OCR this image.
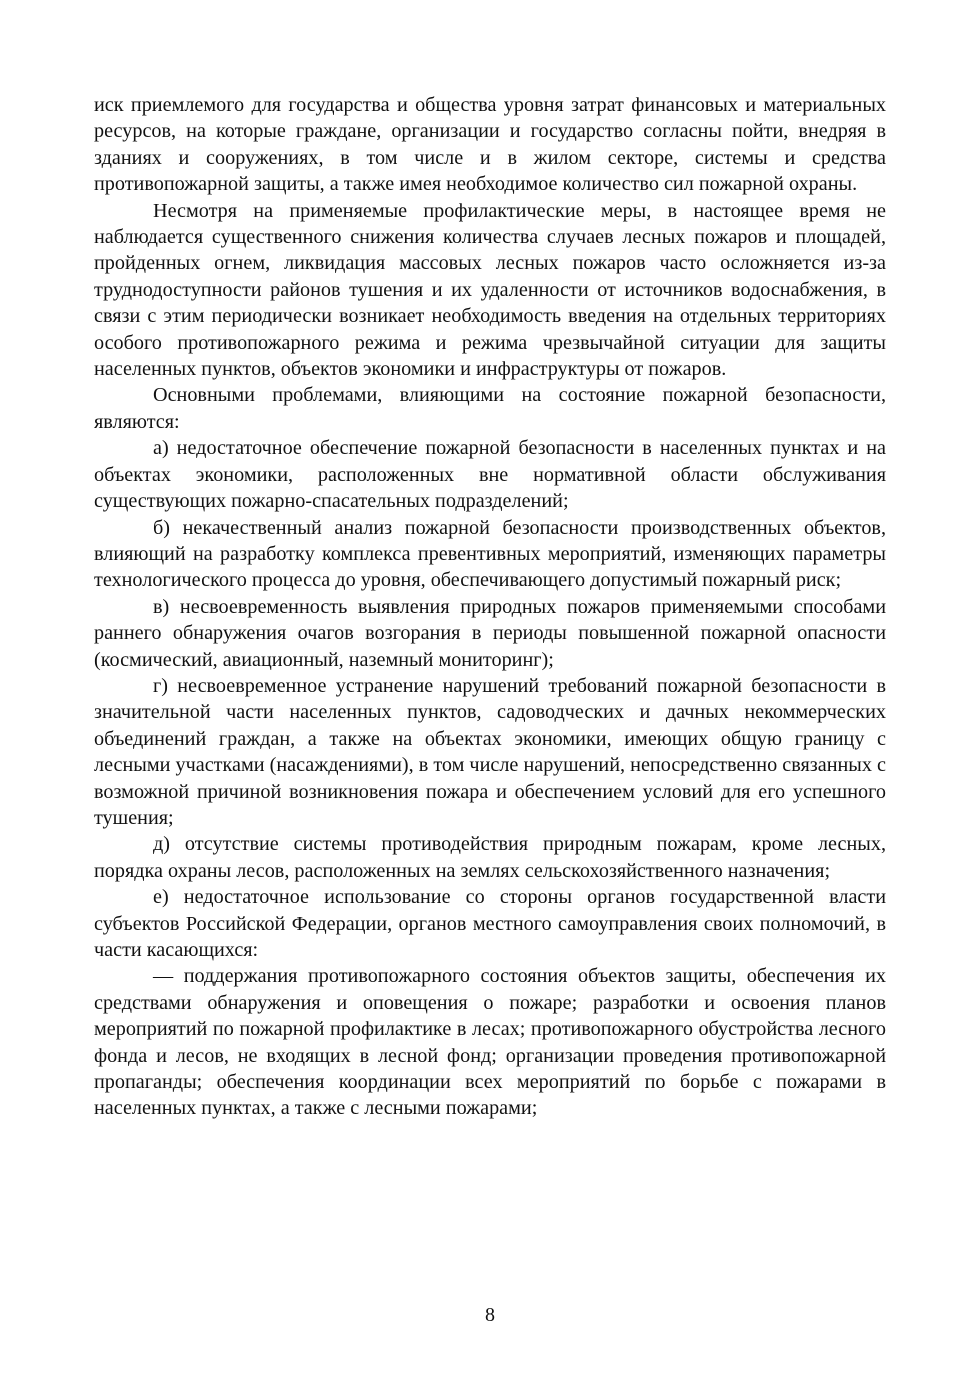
иск приемлемого для государства и общества уровня затрат финансовых и материальных ресурсов, на которые граждане, организации и государство согласны пойти, внедряя в зданиях и сооружениях, в том числе и в жилом секторе, системы и средства противопожарной защиты, а также имея необходимое количество сил пожарной охраны.

Несмотря на применяемые профилактические меры, в настоящее время не наблюдается существенного снижения количества случаев лесных пожаров и площадей, пройденных огнем, ликвидация массовых лесных пожаров часто осложняется из-за труднодоступности районов тушения и их удаленности от источников водоснабжения, в связи с этим периодически возникает необходимость введения на отдельных территориях особого противопожарного режима и режима чрезвычайной ситуации для защиты населенных пунктов, объектов экономики и инфраструктуры от пожаров.

Основными проблемами, влияющими на состояние пожарной безопасности, являются:

а) недостаточное обеспечение пожарной безопасности в населенных пунктах и на объектах экономики, расположенных вне нормативной области обслуживания существующих пожарно-спасательных подразделений;

б) некачественный анализ пожарной безопасности производственных объектов, влияющий на разработку комплекса превентивных мероприятий, изменяющих параметры технологического процесса до уровня, обеспечивающего допустимый пожарный риск;

в) несвоевременность выявления природных пожаров применяемыми способами раннего обнаружения очагов возгорания в периоды повышенной пожарной опасности (космический, авиационный, наземный мониторинг);

г) несвоевременное устранение нарушений требований пожарной безопасности в значительной части населенных пунктов, садоводческих и дачных некоммерческих объединений граждан, а также на объектах экономики, имеющих общую границу с лесными участками (насаждениями), в том числе нарушений, непосредственно связанных с возможной причиной возникновения пожара и обеспечением условий для его успешного тушения;

д) отсутствие системы противодействия природным пожарам, кроме лесных, порядка охраны лесов, расположенных на землях сельскохозяйственного назначения;

е) недостаточное использование со стороны органов государственной власти субъектов Российской Федерации, органов местного самоуправления своих полномочий, в части касающихся:

— поддержания противопожарного состояния объектов защиты, обеспечения их средствами обнаружения и оповещения о пожаре; разработки и освоения планов мероприятий по пожарной профилактике в лесах; противопожарного обустройства лесного фонда и лесов, не входящих в лесной фонд; организации проведения противопожарной пропаганды; обеспечения координации всех мероприятий по борьбе с пожарами в населенных пунктах, а также с лесными пожарами;

8
